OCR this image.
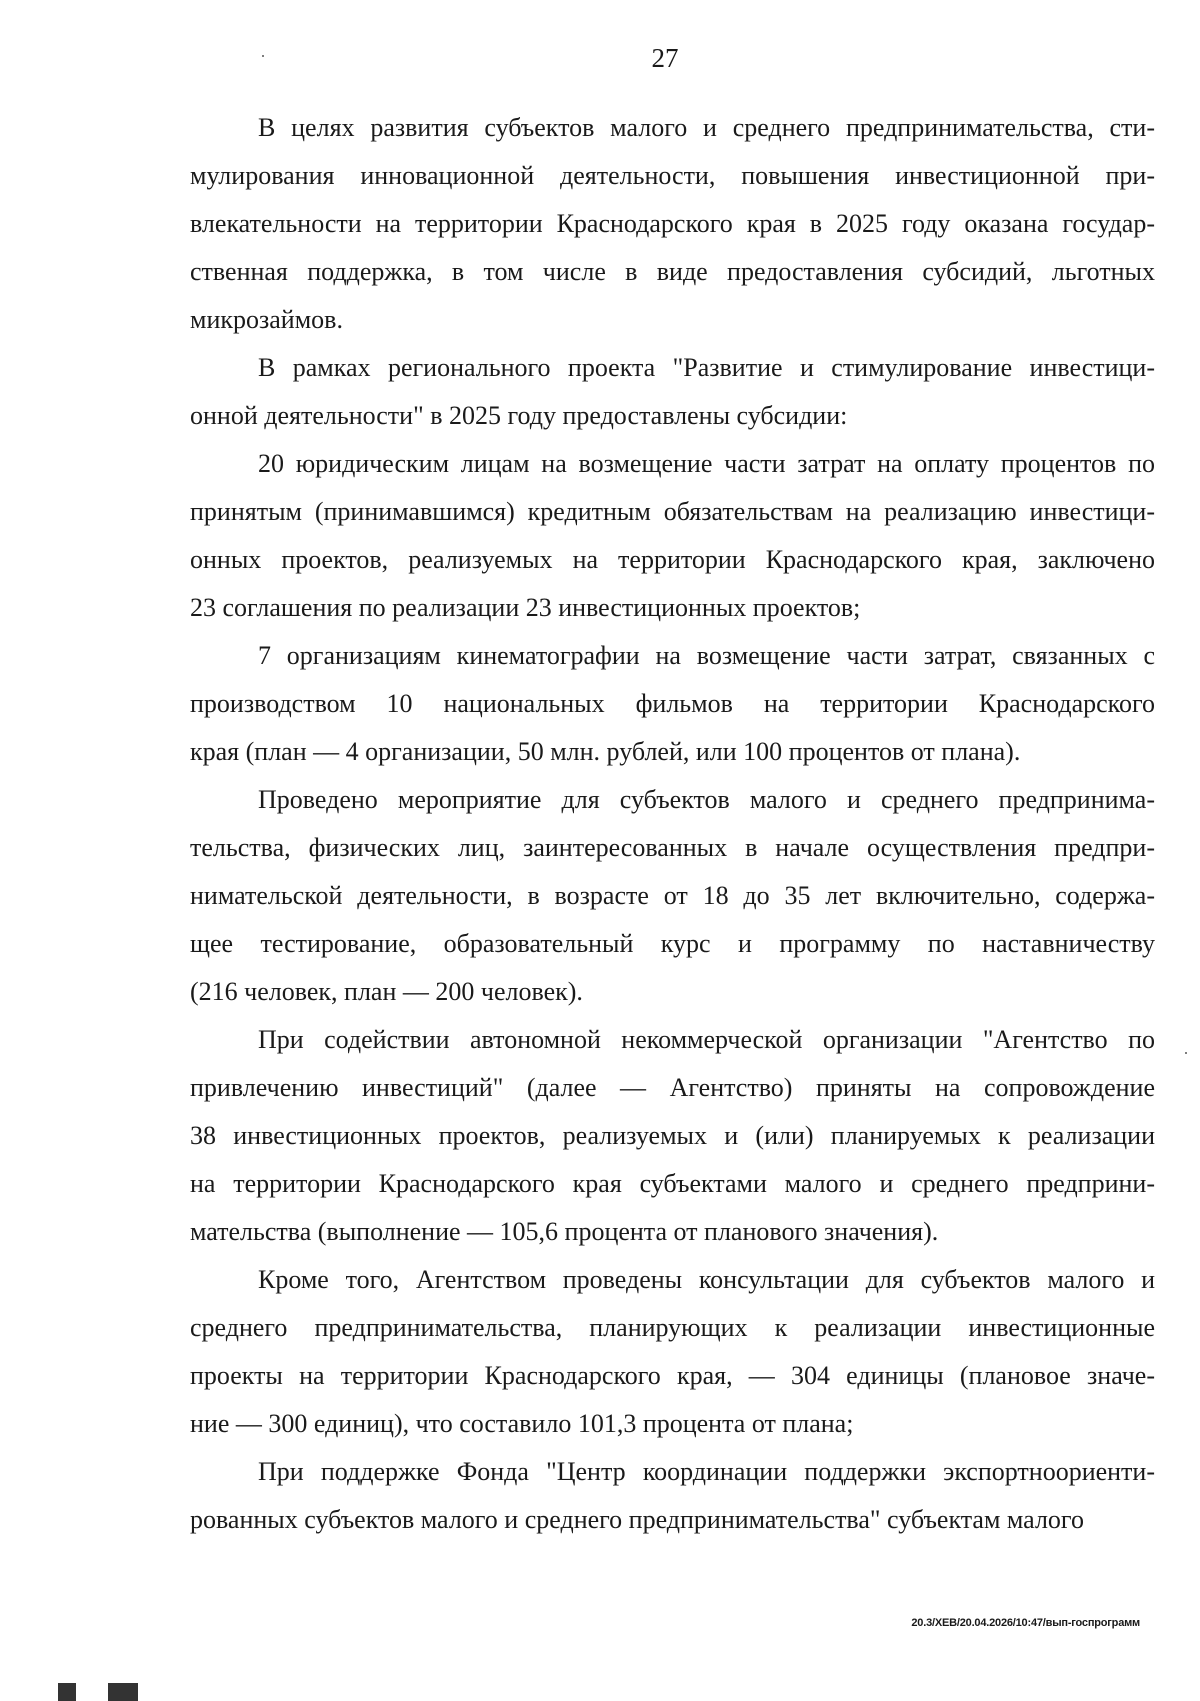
27
В целях развития субъектов малого и среднего предпринимательства, сти-
мулирования инновационной деятельности, повышения инвестиционной при-
влекательности на территории Краснодарского края в 2025 году оказана государ-
ственная поддержка, в том числе в виде предоставления субсидий, льготных
микрозаймов.
В рамках регионального проекта "Развитие и стимулирование инвестици-
онной деятельности" в 2025 году предоставлены субсидии:
20 юридическим лицам на возмещение части затрат на оплату процентов по
принятым (принимавшимся) кредитным обязательствам на реализацию инвестици-
онных проектов, реализуемых на территории Краснодарского края, заключено
23 соглашения по реализации 23 инвестиционных проектов;
7 организациям кинематографии на возмещение части затрат, связанных с
производством 10 национальных фильмов на территории Краснодарского
края (план — 4 организации, 50 млн. рублей, или 100 процентов от плана).
Проведено мероприятие для субъектов малого и среднего предпринима-
тельства, физических лиц, заинтересованных в начале осуществления предпри-
нимательской деятельности, в возрасте от 18 до 35 лет включительно, содержа-
щее тестирование, образовательный курс и программу по наставничеству
(216 человек, план — 200 человек).
При содействии автономной некоммерческой организации "Агентство по
привлечению инвестиций" (далее — Агентство) приняты на сопровождение
38 инвестиционных проектов, реализуемых и (или) планируемых к реализации
на территории Краснодарского края субъектами малого и среднего предприни-
мательства (выполнение — 105,6 процента от планового значения).
Кроме того, Агентством проведены консультации для субъектов малого и
среднего предпринимательства, планирующих к реализации инвестиционные
проекты на территории Краснодарского края, — 304 единицы (плановое значе-
ние — 300 единиц), что составило 101,3 процента от плана;
При поддержке Фонда "Центр координации поддержки экспортноориенти-
рованных субъектов малого и среднего предпринимательства" субъектам малого
20.3/ХЕВ/20.04.2026/10:47/вып-госпрограмм
